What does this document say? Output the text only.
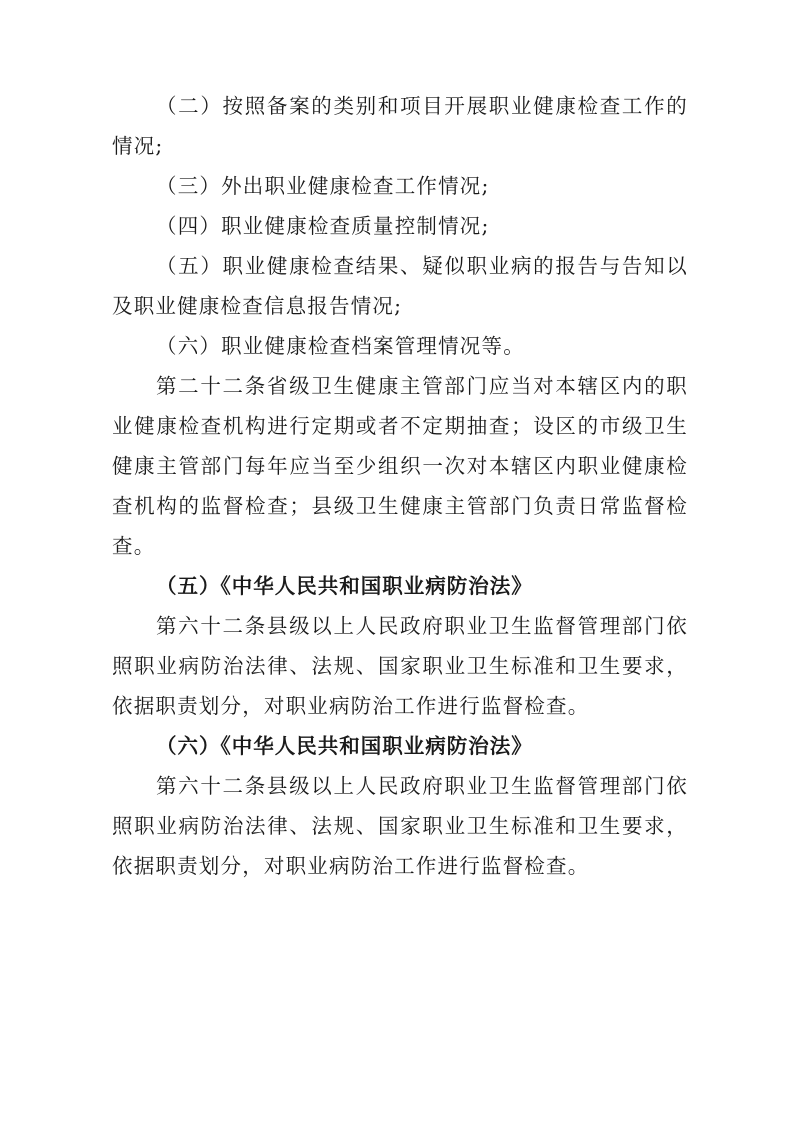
（二）按照备案的类别和项目开展职业健康检查工作的情况;

（三）外出职业健康检查工作情况;

（四）职业健康检查质量控制情况;

（五）职业健康检查结果、疑似职业病的报告与告知以及职业健康检查信息报告情况;

（六）职业健康检查档案管理情况等。

第二十二条省级卫生健康主管部门应当对本辖区内的职业健康检查机构进行定期或者不定期抽查；设区的市级卫生健康主管部门每年应当至少组织一次对本辖区内职业健康检查机构的监督检查；县级卫生健康主管部门负责日常监督检查。

（五）《中华人民共和国职业病防治法》

第六十二条县级以上人民政府职业卫生监督管理部门依照职业病防治法律、法规、国家职业卫生标准和卫生要求，依据职责划分，对职业病防治工作进行监督检查。

（六）《中华人民共和国职业病防治法》

第六十二条县级以上人民政府职业卫生监督管理部门依照职业病防治法律、法规、国家职业卫生标准和卫生要求，依据职责划分，对职业病防治工作进行监督检查。
